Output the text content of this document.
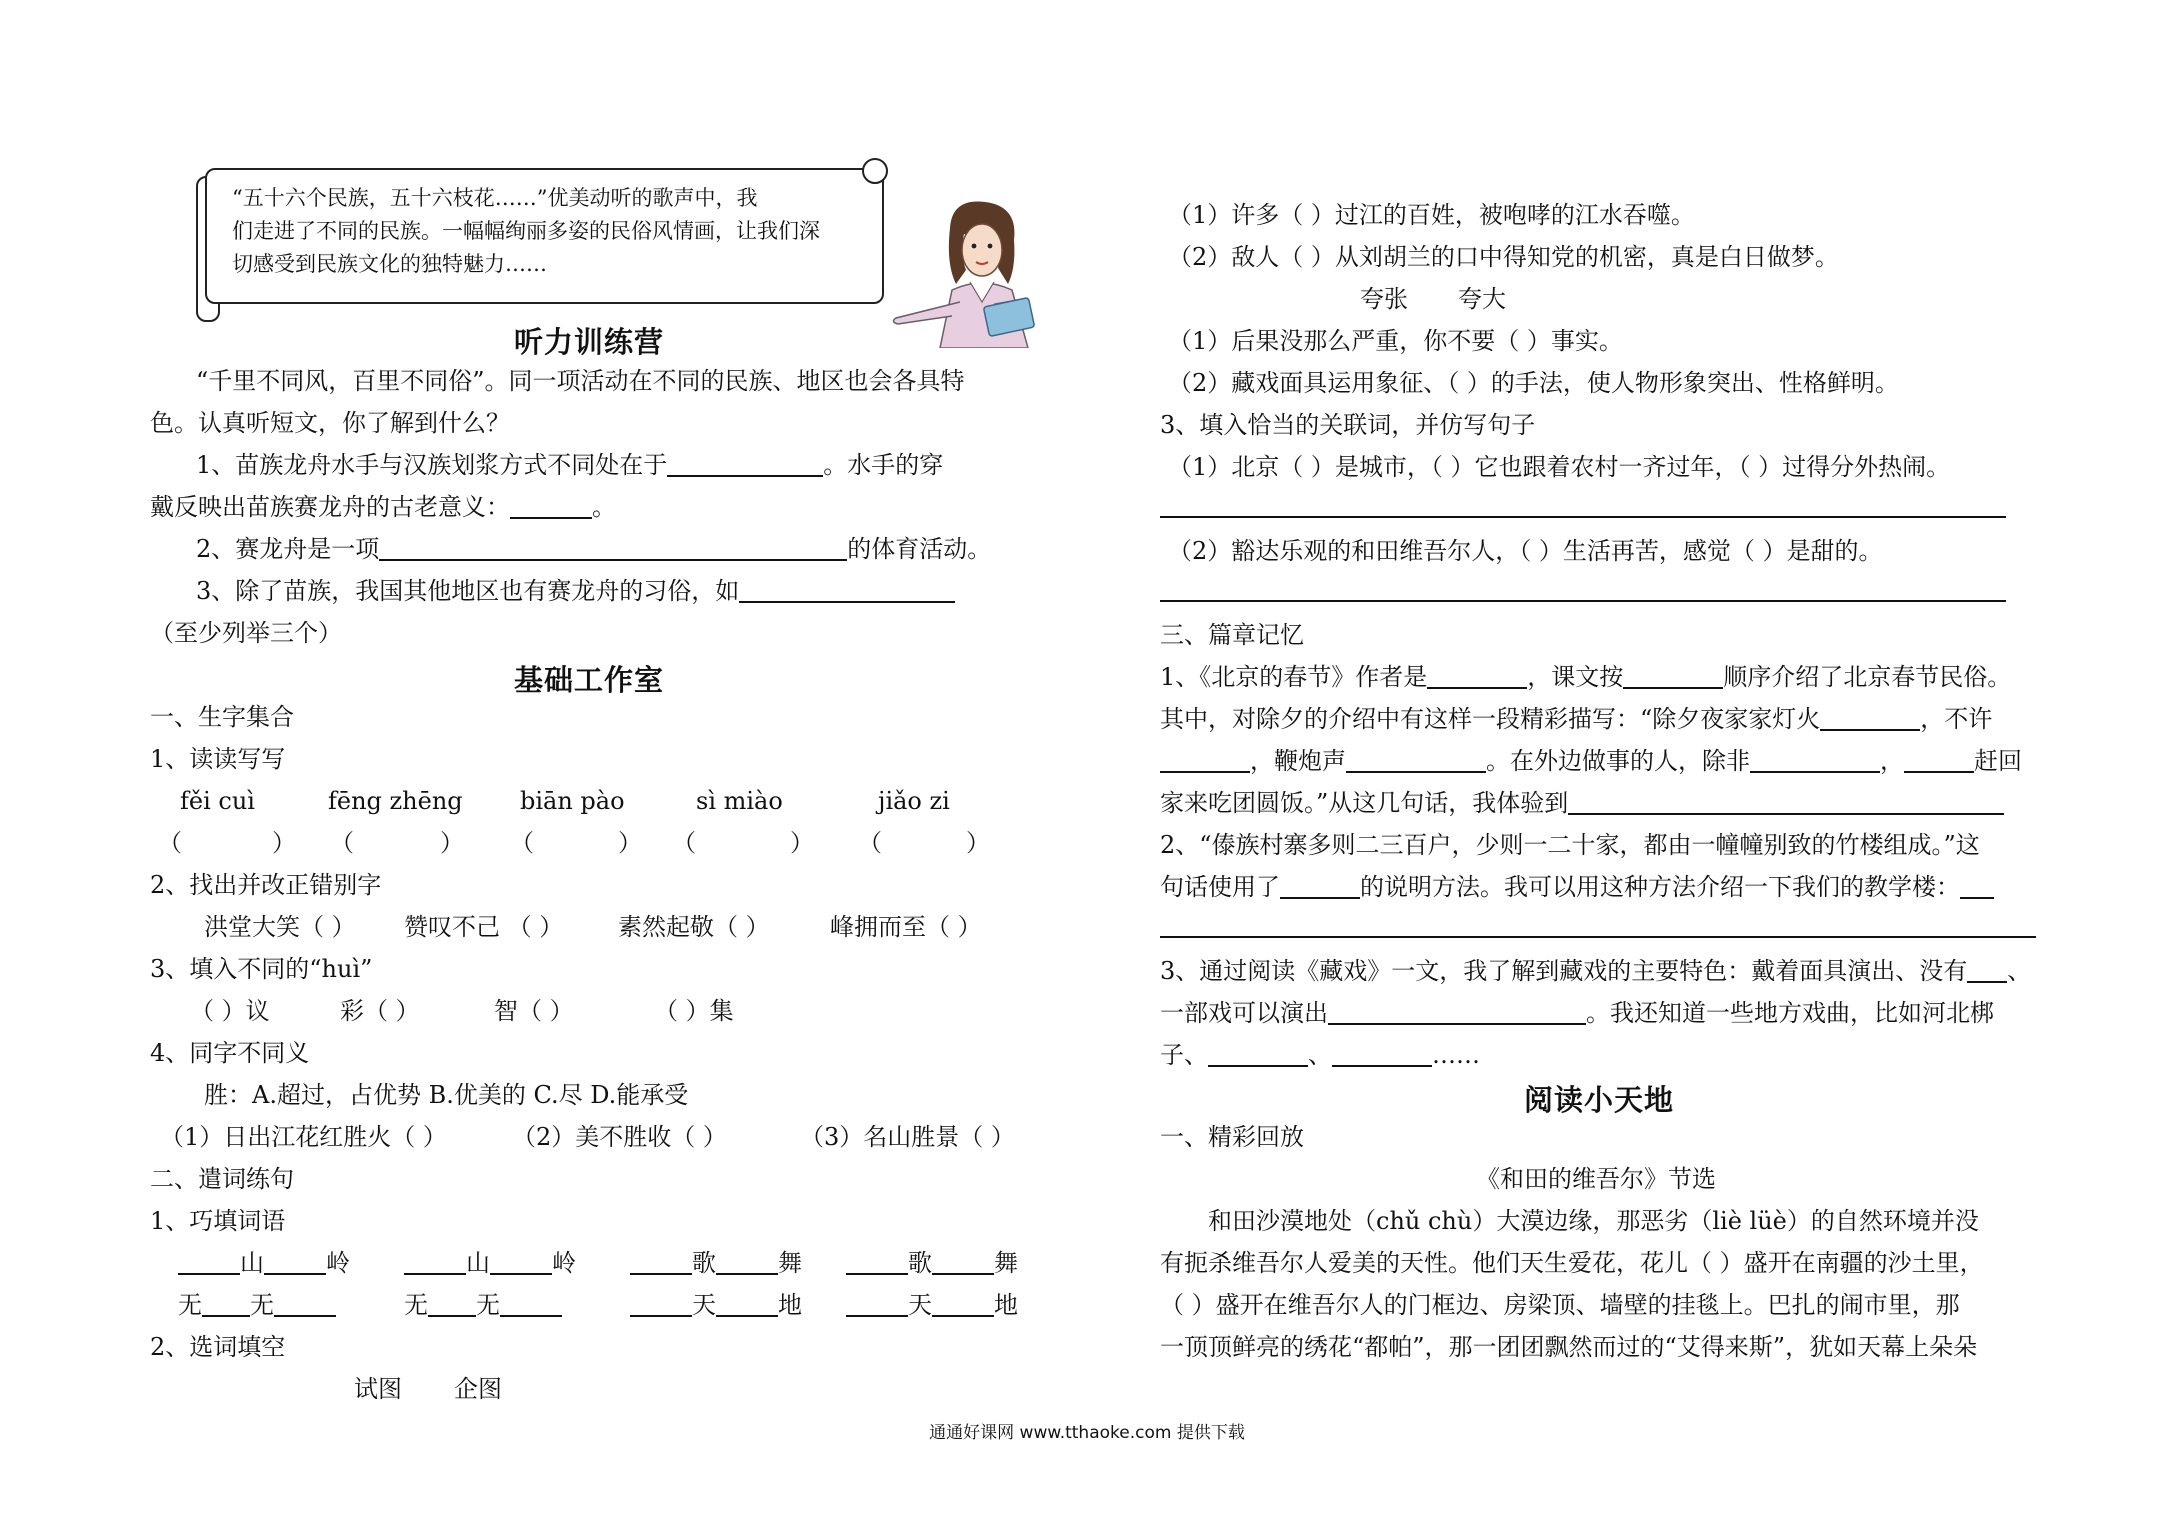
“五十六个民族，五十六枝花……”优美动听的歌声中，我
们走进了不同的民族。一幅幅绚丽多姿的民俗风情画，让我们深
切感受到民族文化的独特魅力……
听力训练营
“千里不同风，百里不同俗”。同一项活动在不同的民族、地区也会各具特
色。认真听短文，你了解到什么？
1、苗族龙舟水手与汉族划浆方式不同处在于	。水手的穿
戴反映出苗族赛龙舟的古老意义：	。
2、赛龙舟是一项	的体育活动。
3、除了苗族，我国其他地区也有赛龙舟的习俗，如
（至少列举三个）
基础工作室
一、生字集合
1、读读写写
fěi cuì	fēng zhēng biān pào	sì miào	jiǎo zi
（	） （	） （	） （	） （	）
2、找出并改正错别字
洪堂大笑（ ） 赞叹不己 （ ） 素然起敬（ ）	峰拥而至（ ）
3、填入不同的“huì”
（ ）议	彩（ ）	智（ ）	（ ）集
4、同字不同义
胜：A.超过，占优势 B.优美的 C.尽 D.能承受
（1）日出江花红胜火（ ）	（2）美不胜收（ ）	（3）名山胜景（ ）
二、遣词练句
1、巧填词语
山	岭	山	岭	歌	舞	歌	舞
无 无	无 无	天	地	天	地
2、选词填空
试图 企图
（1）许多（ ）过江的百姓，被咆哮的江水吞噬。
（2）敌人（ ）从刘胡兰的口中得知党的机密，真是白日做梦。
夸张 夸大
（1）后果没那么严重，你不要（ ）事实。
（2）藏戏面具运用象征、（ ）的手法，使人物形象突出、性格鲜明。
3、填入恰当的关联词，并仿写句子
（1）北京（ ）是城市，（ ）它也跟着农村一齐过年，（ ）过得分外热闹。
（2）豁达乐观的和田维吾尔人，（ ）生活再苦，感觉（ ）是甜的。
三、篇章记忆
1、《北京的春节》作者是	，课文按	顺序介绍了北京春节民俗。
其中，对除夕的介绍中有这样一段精彩描写：“除夕夜家家灯火	，不许
，鞭炮声	。在外边做事的人，除非	，	赶回
家来吃团圆饭。”从这几句话，我体验到
2、“傣族村寨多则二三百户，少则一二十家，都由一幢幢别致的竹楼组成。”这
句话使用了	的说明方法。我可以用这种方法介绍一下我们的教学楼：
3、通过阅读《藏戏》一文，我了解到藏戏的主要特色：戴着面具演出、没有 、
一部戏可以演出	。我还知道一些地方戏曲，比如河北梆
子、	、	……
阅读小天地
一、精彩回放
《和田的维吾尔》节选
和田沙漠地处（chǔ chù）大漠边缘，那恶劣（liè lüè）的自然环境并没
有扼杀维吾尔人爱美的天性。他们天生爱花，花儿（ ）盛开在南疆的沙土里，
（ ）盛开在维吾尔人的门框边、房梁顶、墙壁的挂毯上。巴扎的闹市里，那
一顶顶鲜亮的绣花“都帕”，那一团团飘然而过的“艾得来斯”，犹如天幕上朵朵
通通好课网 www.tthaoke.com 提供下载
